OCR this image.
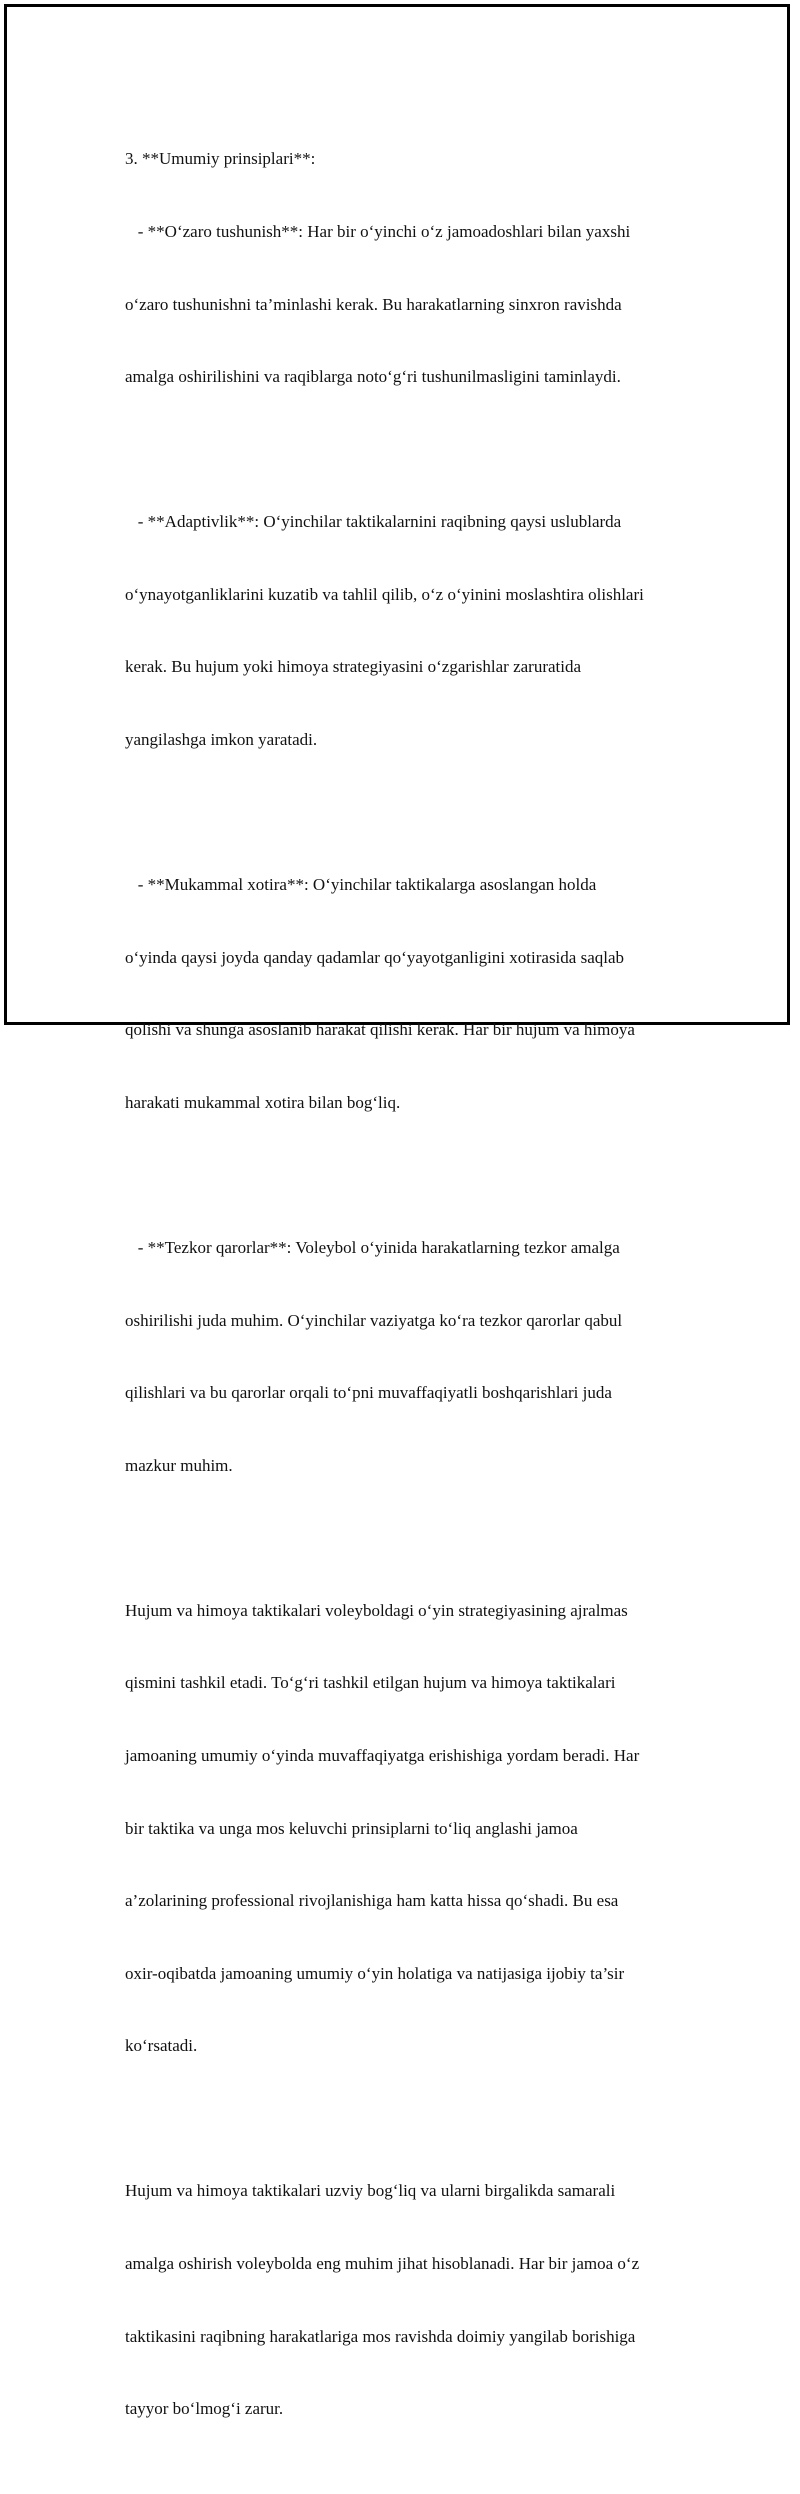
3. **Umumiy prinsiplari**:

- **O‘zaro tushunish**: Har bir o‘yinchi o‘z jamoadoshlari bilan yaxshi

o‘zaro tushunishni ta’minlashi kerak. Bu harakatlarning sinxron ravishda

amalga oshirilishini va raqiblarga noto‘g‘ri tushunilmasligini taminlaydi.

- **Adaptivlik**: O‘yinchilar taktikalarnini raqibning qaysi uslublarda

o‘ynayotganliklarini kuzatib va tahlil qilib, o‘z o‘yinini moslashtira olishlari

kerak. Bu hujum yoki himoya strategiyasini o‘zgarishlar zaruratida

yangilashga imkon yaratadi.

- **Mukammal xotira**: O‘yinchilar taktikalarga asoslangan holda

o‘yinda qaysi joyda qanday qadamlar qo‘yayotganligini xotirasida saqlab

qolishi va shunga asoslanib harakat qilishi kerak. Har bir hujum va himoya

harakati mukammal xotira bilan bog‘liq.

- **Tezkor qarorlar**: Voleybol o‘yinida harakatlarning tezkor amalga

oshirilishi juda muhim. O‘yinchilar vaziyatga ko‘ra tezkor qarorlar qabul

qilishlari va bu qarorlar orqali to‘pni muvaffaqiyatli boshqarishlari juda

mazkur muhim.

Hujum va himoya taktikalari voleyboldagi o‘yin strategiyasining ajralmas

qismini tashkil etadi. To‘g‘ri tashkil etilgan hujum va himoya taktikalari

jamoaning umumiy o‘yinda muvaffaqiyatga erishishiga yordam beradi. Har

bir taktika va unga mos keluvchi prinsiplarni to‘liq anglashi jamoa

a’zolarining professional rivojlanishiga ham katta hissa qo‘shadi. Bu esa

oxir-oqibatda jamoaning umumiy o‘yin holatiga va natijasiga ijobiy ta’sir

ko‘rsatadi.

Hujum va himoya taktikalari uzviy bog‘liq va ularni birgalikda samarali

amalga oshirish voleybolda eng muhim jihat hisoblanadi. Har bir jamoa o‘z

taktikasini raqibning harakatlariga mos ravishda doimiy yangilab borishiga

tayyor bo‘lmog‘i zarur.
